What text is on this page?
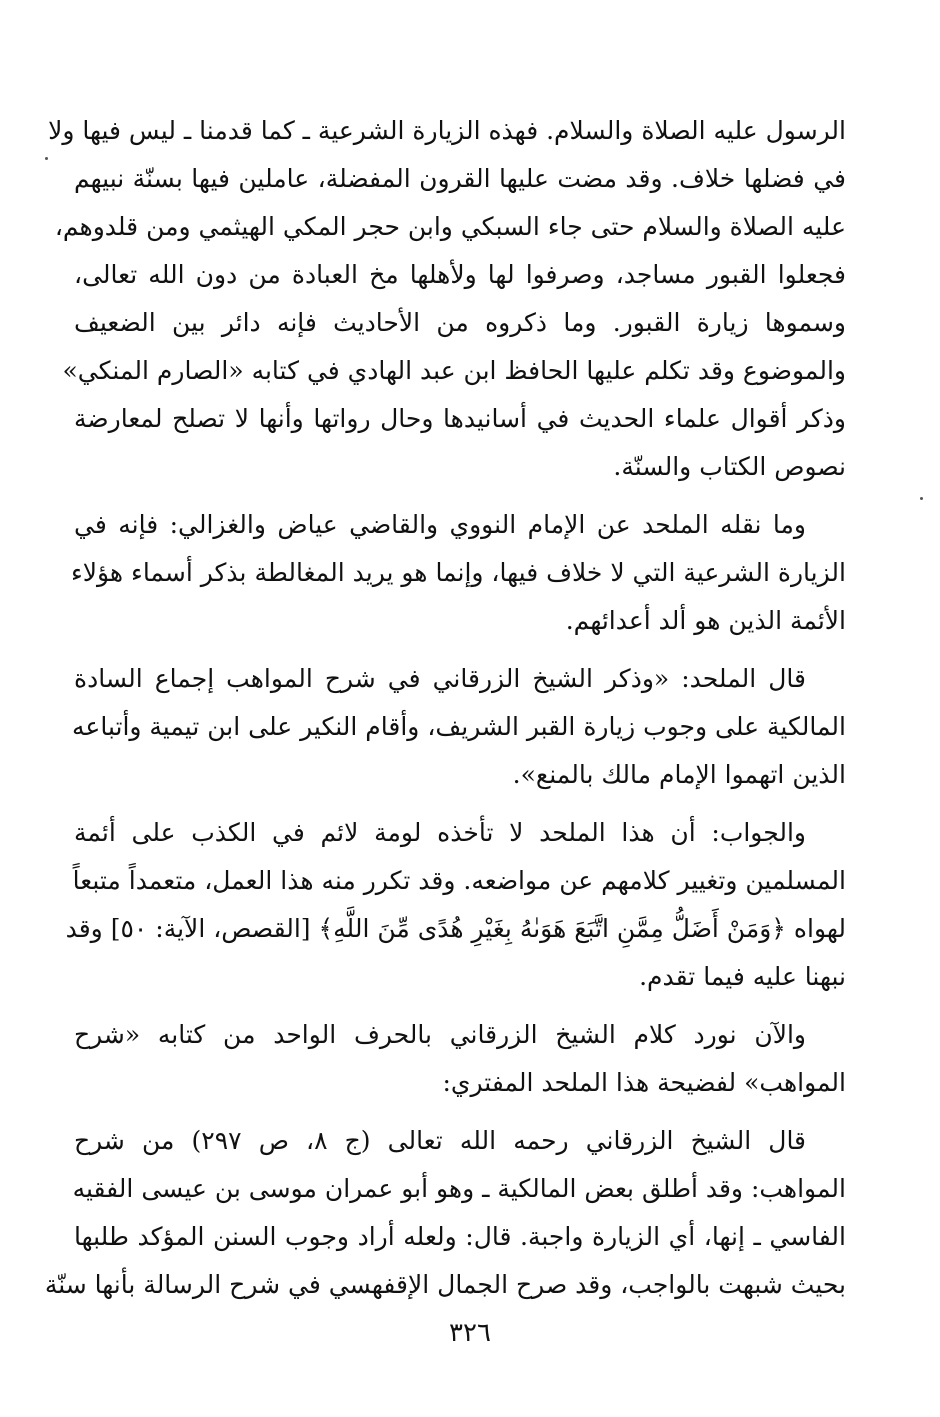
الرسول عليه الصلاة والسلام. فهذه الزيارة الشرعية ـ كما قدمنا ـ ليس فيها ولا
في فضلها خلاف. وقد مضت عليها القرون المفضلة، عاملين فيها بسنّة نبيهم
عليه الصلاة والسلام حتى جاء السبكي وابن حجر المكي الهيثمي ومن قلدوهم،
فجعلوا القبور مساجد، وصرفوا لها ولأهلها مخ العبادة من دون الله تعالى،
وسموها زيارة القبور. وما ذكروه من الأحاديث فإنه دائر بين الضعيف
والموضوع وقد تكلم عليها الحافظ ابن عبد الهادي في كتابه «الصارم المنكي»
وذكر أقوال علماء الحديث في أسانيدها وحال رواتها وأنها لا تصلح لمعارضة
نصوص الكتاب والسنّة.

وما نقله الملحد عن الإمام النووي والقاضي عياض والغزالي: فإنه في
الزيارة الشرعية التي لا خلاف فيها، وإنما هو يريد المغالطة بذكر أسماء هؤلاء
الأئمة الذين هو ألد أعدائهم.

قال الملحد: «وذكر الشيخ الزرقاني في شرح المواهب إجماع السادة
المالكية على وجوب زيارة القبر الشريف، وأقام النكير على ابن تيمية وأتباعه
الذين اتهموا الإمام مالك بالمنع».

والجواب: أن هذا الملحد لا تأخذه لومة لائم في الكذب على أئمة
المسلمين وتغيير كلامهم عن مواضعه. وقد تكرر منه هذا العمل، متعمداً متبعاً
لهواه ﴿وَمَنْ أَضَلُّ مِمَّنِ اتَّبَعَ هَوَىٰهُ بِغَيْرِ هُدًى مِّنَ اللَّهِ﴾ [القصص، الآية: ٥٠] وقد
نبهنا عليه فيما تقدم.

والآن نورد كلام الشيخ الزرقاني بالحرف الواحد من كتابه «شرح
المواهب» لفضيحة هذا الملحد المفتري:

قال الشيخ الزرقاني رحمه الله تعالى (ج ٨، ص ٢٩٧) من شرح
المواهب: وقد أطلق بعض المالكية ـ وهو أبو عمران موسى بن عيسى الفقيه
الفاسي ـ إنها، أي الزيارة واجبة. قال: ولعله أراد وجوب السنن المؤكد طلبها
بحيث شبهت بالواجب، وقد صرح الجمال الإقفهسي في شرح الرسالة بأنها سنّة

٣٢٦
